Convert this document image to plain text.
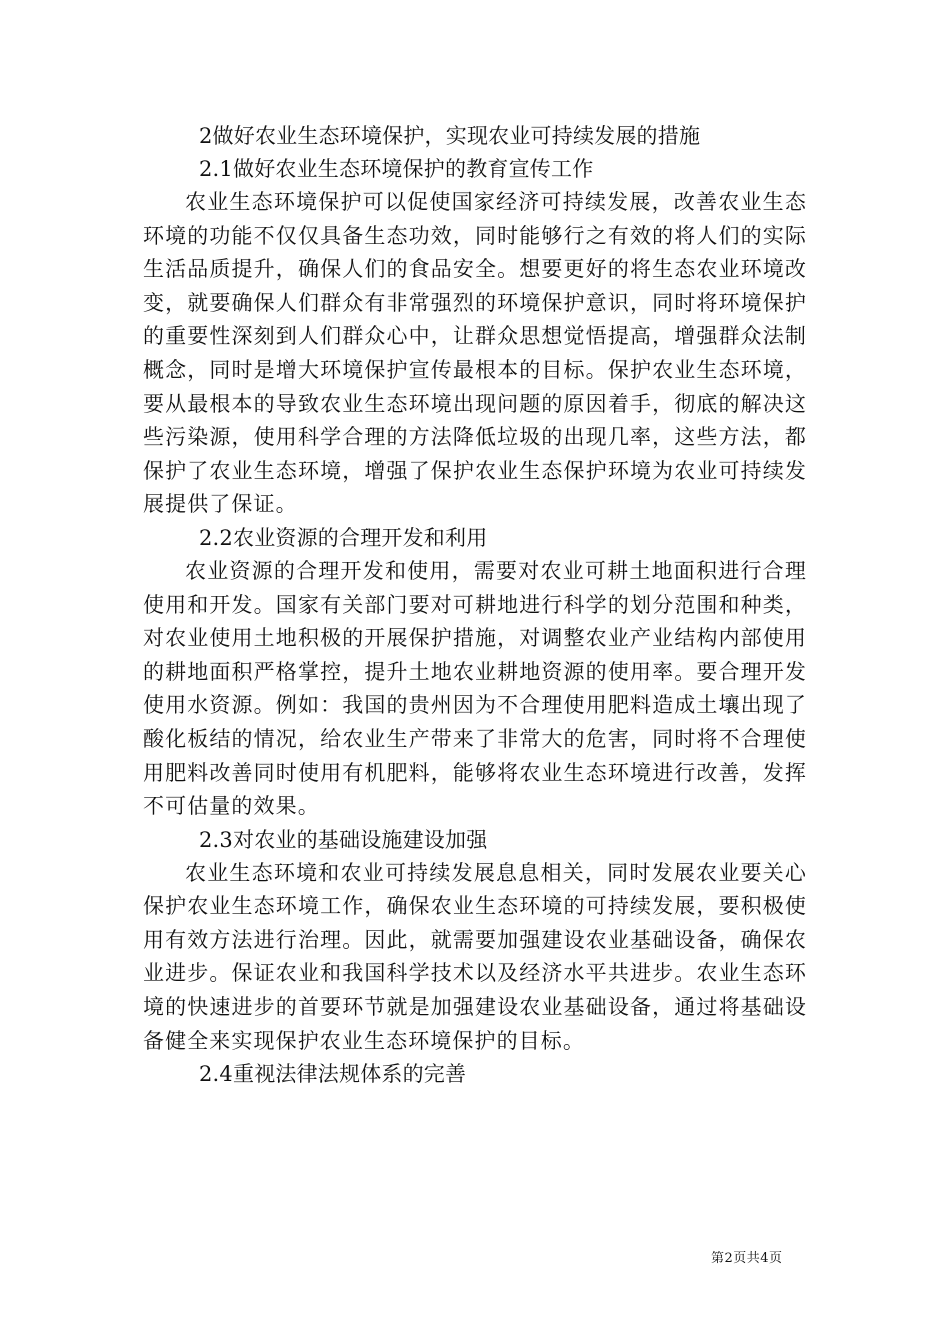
2做好农业生态环境保护，实现农业可持续发展的措施

2.1做好农业生态环境保护的教育宣传工作

农业生态环境保护可以促使国家经济可持续发展，改善农业生态环境的功能不仅仅具备生态功效，同时能够行之有效的将人们的实际生活品质提升，确保人们的食品安全。想要更好的将生态农业环境改变，就要确保人们群众有非常强烈的环境保护意识，同时将环境保护的重要性深刻到人们群众心中，让群众思想觉悟提高，增强群众法制概念，同时是增大环境保护宣传最根本的目标。保护农业生态环境，要从最根本的导致农业生态环境出现问题的原因着手，彻底的解决这些污染源，使用科学合理的方法降低垃圾的出现几率，这些方法，都保护了农业生态环境，增强了保护农业生态保护环境为农业可持续发展提供了保证。

2.2农业资源的合理开发和利用

农业资源的合理开发和使用，需要对农业可耕土地面积进行合理使用和开发。国家有关部门要对可耕地进行科学的划分范围和种类，对农业使用土地积极的开展保护措施，对调整农业产业结构内部使用的耕地面积严格掌控，提升土地农业耕地资源的使用率。要合理开发使用水资源。例如：我国的贵州因为不合理使用肥料造成土壤出现了酸化板结的情况，给农业生产带来了非常大的危害，同时将不合理使用肥料改善同时使用有机肥料，能够将农业生态环境进行改善，发挥不可估量的效果。

2.3对农业的基础设施建设加强

农业生态环境和农业可持续发展息息相关，同时发展农业要关心保护农业生态环境工作，确保农业生态环境的可持续发展，要积极使用有效方法进行治理。因此，就需要加强建设农业基础设备，确保农业进步。保证农业和我国科学技术以及经济水平共进步。农业生态环境的快速进步的首要环节就是加强建设农业基础设备，通过将基础设备健全来实现保护农业生态环境保护的目标。

2.4重视法律法规体系的完善

第2页共4页
